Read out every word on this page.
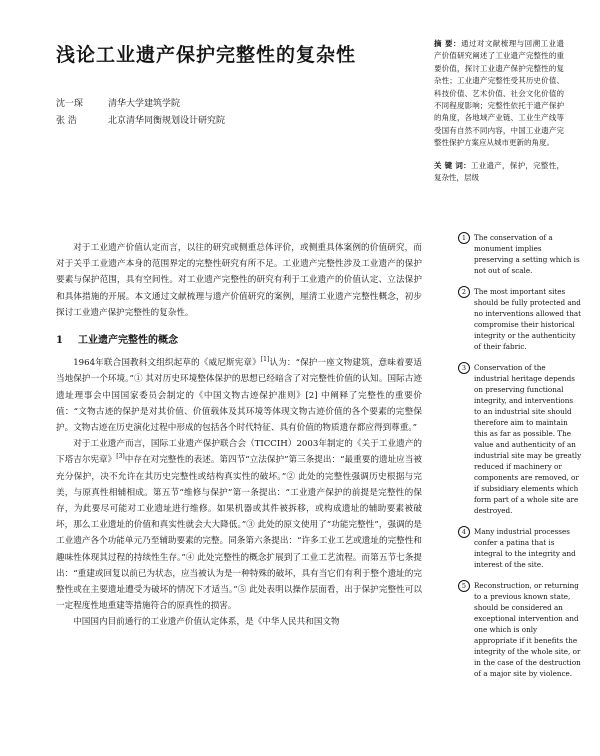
浅论工业遗产保护完整性的复杂性
沈一琛	清华大学建筑学院
张 浩	北京清华同衡规划设计研究院
摘 要：通过对文献梳理与回溯工业遗产价值研究阐述了工业遗产完整性的重要价值，探讨工业遗产保护完整性的复杂性；工业遗产完整性受其历史价值、科技价值、艺术价值、社会文化价值的不同程度影响；完整性依托于遗产保护的角度，各地域产业链、工业生产线等受国有自然不同内容，中国工业遗产完整性保护方案应从城市更新的角度。
关 键 词：工业遗产，保护，完整性，复杂性，层级

对于工业遗产价值认定而言，以往的研究或侧重总体评价，或侧重具体案例的价值研究，而对于关乎工业遗产本身的范围界定的完整性研究有所不足。工业遗产完整性涉及工业遗产的保护要素与保护范围，具有空间性。对工业遗产完整性的研究有利于工业遗产的价值认定、立法保护和具体措施的开展。本文通过文献梳理与遗产价值研究的案例，厘清工业遗产完整性概念，初步探讨工业遗产保护完整性的复杂性。

1 工业遗产完整性的概念

1964年联合国教科文组织起草的《威尼斯宪章》[1]认为：“保护一座文物建筑，意味着要适当地保护一个环境。”① 其对历史环境整体保护的思想已经暗含了对完整性价值的认知。国际古迹遗址理事会中国国家委员会制定的《中国文物古迹保护准则》[2] 中阐释了完整性的重要价值：“文物古迹的保护是对其价值、价值载体及其环境等体现文物古迹价值的各个要素的完整保护。文物古迹在历史演化过程中形成的包括各个时代特征、具有价值的物质遗存都应得到尊重。”

对于工业遗产而言，国际工业遗产保护联合会（TICCIH）2003年制定的《关于工业遗产的下塔吉尔宪章》[3]中存在对完整性的表述。第四节“立法保护”第三条提出：“最重要的遗址应当被充分保护，决不允许在其历史完整性或结构真实性的破坏。”② 此处的完整性强调历史根据与完美，与原真性相辅相成。第五节“维修与保护”第一条提出：“工业遗产保护的前提是完整性的保存，为此要尽可能对工业遗址进行维修。如果机器或其件被拆移，或构成遗址的辅助要素被破坏，那么工业遗址的价值和真实性就会大大降低。”③ 此处的原文使用了“功能完整性”，强调的是工业遗产各个功能单元乃至辅助要素的完整。同条第六条提出：“许多工业工艺或遗址的完整性和趣味性体现其过程的持续性生存。”④ 此处完整性的概念扩展到了工业工艺流程。而第五节七条提出：“重建或回复以前已为状态，应当被认为是一种特殊的破坏，具有当它们有利于整个遗址的完整性或在主要遗址遭受为破坏的情况下才适当。”⑤ 此处表明以操作层面看，出于保护完整性可以一定程度性地重建等措施符合的原真性的损害。

中国国内目前通行的工业遗产价值认定体系，是《中华人民共和国文物

1	The conservation of a monument implies preserving a setting which is not out of scale.
2	The most important sites should be fully protected and no interventions allowed that compromise their historical integrity or the authenticity of their fabric.
3	Conservation of the industrial heritage depends on preserving functional integrity, and interventions to an industrial site should therefore aim to maintain this as far as possible. The value and authenticity of an industrial site may be greatly reduced if machinery or components are removed, or if subsidiary elements which form part of a whole site are destroyed.
4	Many industrial processes confer a patina that is integral to the integrity and interest of the site.
5	Reconstruction, or returning to a previous known state, should be considered an exceptional intervention and one which is only appropriate if it benefits the integrity of the whole site, or in the case of the destruction of a major site by violence.
